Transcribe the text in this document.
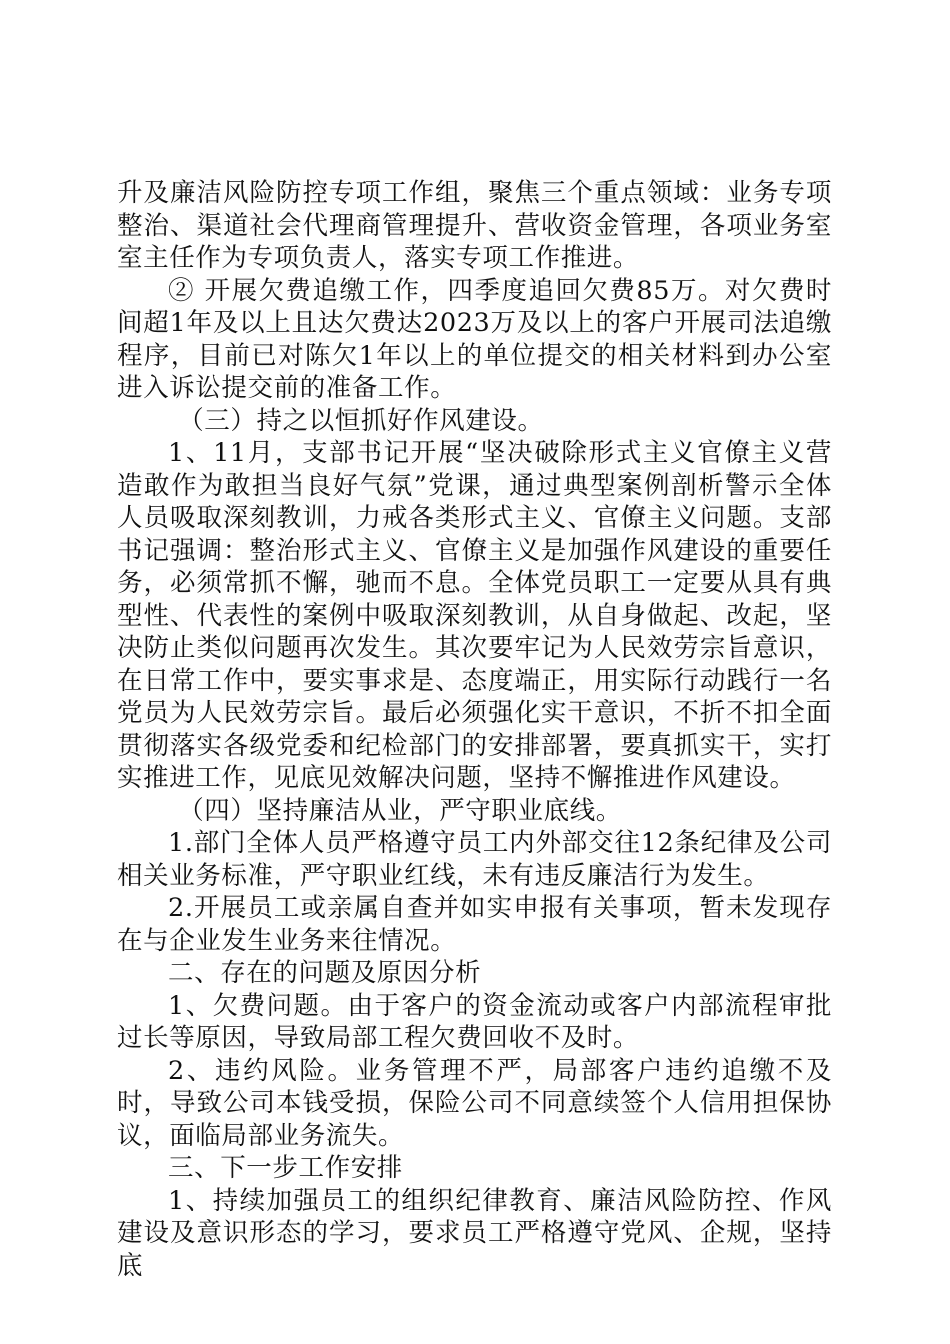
升及廉洁风险防控专项工作组，聚焦三个重点领域：业务专项整治、渠道社会代理商管理提升、营收资金管理，各项业务室室主任作为专项负责人，落实专项工作推进。

② 开展欠费追缴工作，四季度追回欠费85万。对欠费时间超1年及以上且达欠费达2023万及以上的客户开展司法追缴程序，目前已对陈欠1年以上的单位提交的相关材料到办公室进入诉讼提交前的准备工作。

（三）持之以恒抓好作风建设。

1、11月，支部书记开展“坚决破除形式主义官僚主义营造敢作为敢担当良好气氛”党课，通过典型案例剖析警示全体人员吸取深刻教训，力戒各类形式主义、官僚主义问题。支部书记强调：整治形式主义、官僚主义是加强作风建设的重要任务，必须常抓不懈，驰而不息。全体党员职工一定要从具有典型性、代表性的案例中吸取深刻教训，从自身做起、改起，坚决防止类似问题再次发生。其次要牢记为人民效劳宗旨意识，在日常工作中，要实事求是、态度端正，用实际行动践行一名党员为人民效劳宗旨。最后必须强化实干意识，不折不扣全面贯彻落实各级党委和纪检部门的安排部署，要真抓实干，实打实推进工作，见底见效解决问题，坚持不懈推进作风建设。

（四）坚持廉洁从业，严守职业底线。

1.部门全体人员严格遵守员工内外部交往12条纪律及公司相关业务标准，严守职业红线，未有违反廉洁行为发生。

2.开展员工或亲属自查并如实申报有关事项，暂未发现存在与企业发生业务来往情况。

二、存在的问题及原因分析

1、欠费问题。由于客户的资金流动或客户内部流程审批过长等原因，导致局部工程欠费回收不及时。

2、违约风险。业务管理不严，局部客户违约追缴不及时，导致公司本钱受损，保险公司不同意续签个人信用担保协议，面临局部业务流失。

三、下一步工作安排

1、持续加强员工的组织纪律教育、廉洁风险防控、作风建设及意识形态的学习，要求员工严格遵守党风、企规，坚持底
